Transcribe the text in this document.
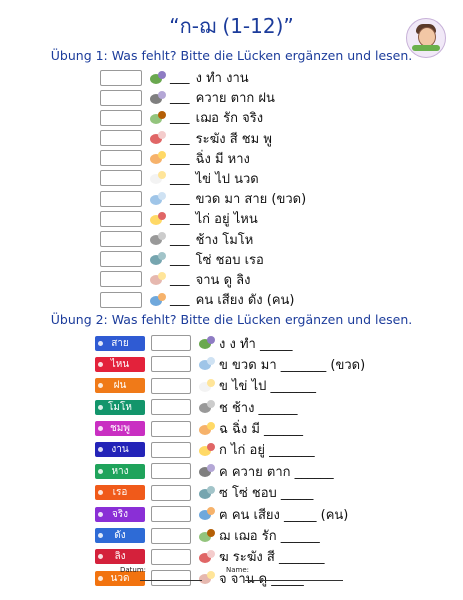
“ก-ฌ (1-12)”
Übung 1: Was fehlt? Bitte die Lücken ergänzen und lesen.
___ ง ทำ งาน
___ ควาย ตาก ฝน
___ เฌอ รัก จริง
___ ระฆัง สี ชม พู
___ ฉิ่ง มี หาง
___ ไข่ ไป นวด
___ ขวด มา สาย (ขวด)
___ ไก่ อยู่ ไหน
___ ช้าง โมโห
___ โซ่ ชอบ เรอ
___ จาน ดู ลิง
___ คน เสียง ดัง (คน)
Übung 2: Was fehlt? Bitte die Lücken ergänzen und lesen.
สาย	ง ง ทำ _____
ไหน	ข ขวด มา _______ (ขวด)
ฝน	ข ไข่ ไป _______
โมโห	ช ช้าง ______
ชมพู	ฉ ฉิ่ง มี ______
งาน	ก ไก่ อยู่ _______
หาง	ค ควาย ตาก ______
เรอ	ซ โซ่ ชอบ _____
จริง	ฅ คน เสียง _____ (คน)
ดัง	ฌ เฌอ รัก ______
ลิง	ฆ ระฆัง สี _______
นวด	จ จาน ดู _____
Datum:	Name:
